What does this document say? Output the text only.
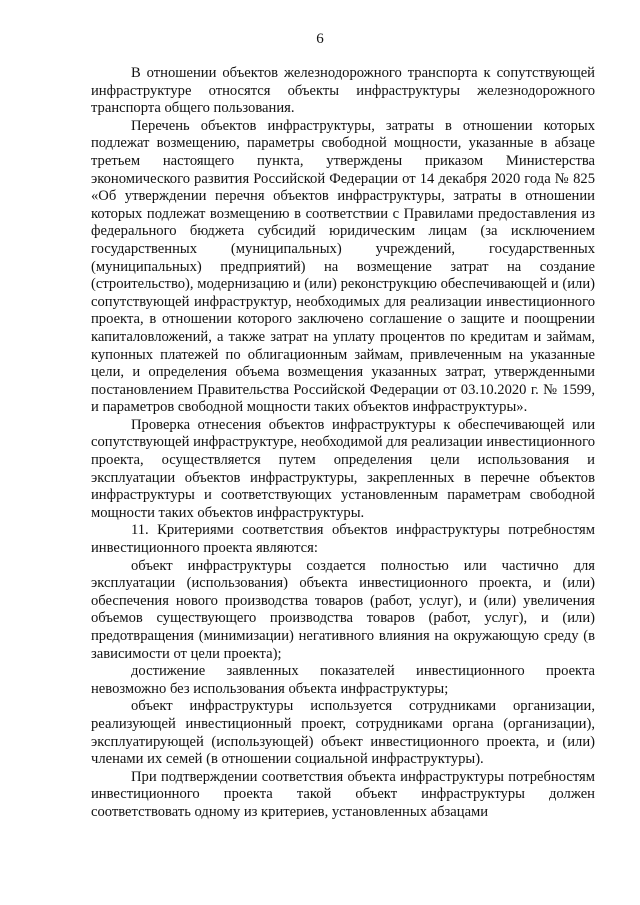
6

В отношении объектов железнодорожного транспорта к сопутствующей инфраструктуре относятся объекты инфраструктуры железнодорожного транспорта общего пользования.

Перечень объектов инфраструктуры, затраты в отношении которых подлежат возмещению, параметры свободной мощности, указанные в абзаце третьем настоящего пункта, утверждены приказом Министерства экономического развития Российской Федерации от 14 декабря 2020 года № 825 «Об утверждении перечня объектов инфраструктуры, затраты в отношении которых подлежат возмещению в соответствии с Правилами предоставления из федерального бюджета субсидий юридическим лицам (за исключением государственных (муниципальных) учреждений, государственных (муниципальных) предприятий) на возмещение затрат на создание (строительство), модернизацию и (или) реконструкцию обеспечивающей и (или) сопутствующей инфраструктур, необходимых для реализации инвестиционного проекта, в отношении которого заключено соглашение о защите и поощрении капиталовложений, а также затрат на уплату процентов по кредитам и займам, купонных платежей по облигационным займам, привлеченным на указанные цели, и определения объема возмещения указанных затрат, утвержденными постановлением Правительства Российской Федерации от 03.10.2020 г. № 1599, и параметров свободной мощности таких объектов инфраструктуры».

Проверка отнесения объектов инфраструктуры к обеспечивающей или сопутствующей инфраструктуре, необходимой для реализации инвестиционного проекта, осуществляется путем определения цели использования и эксплуатации объектов инфраструктуры, закрепленных в перечне объектов инфраструктуры и соответствующих установленным параметрам свободной мощности таких объектов инфраструктуры.

11. Критериями соответствия объектов инфраструктуры потребностям инвестиционного проекта являются:

объект инфраструктуры создается полностью или частично для эксплуатации (использования) объекта инвестиционного проекта, и (или) обеспечения нового производства товаров (работ, услуг), и (или) увеличения объемов существующего производства товаров (работ, услуг), и (или) предотвращения (минимизации) негативного влияния на окружающую среду (в зависимости от цели проекта);

достижение заявленных показателей инвестиционного проекта невозможно без использования объекта инфраструктуры;

объект инфраструктуры используется сотрудниками организации, реализующей инвестиционный проект, сотрудниками органа (организации), эксплуатирующей (использующей) объект инвестиционного проекта, и (или) членами их семей (в отношении социальной инфраструктуры).

При подтверждении соответствия объекта инфраструктуры потребностям инвестиционного проекта такой объект инфраструктуры должен соответствовать одному из критериев, установленных абзацами
